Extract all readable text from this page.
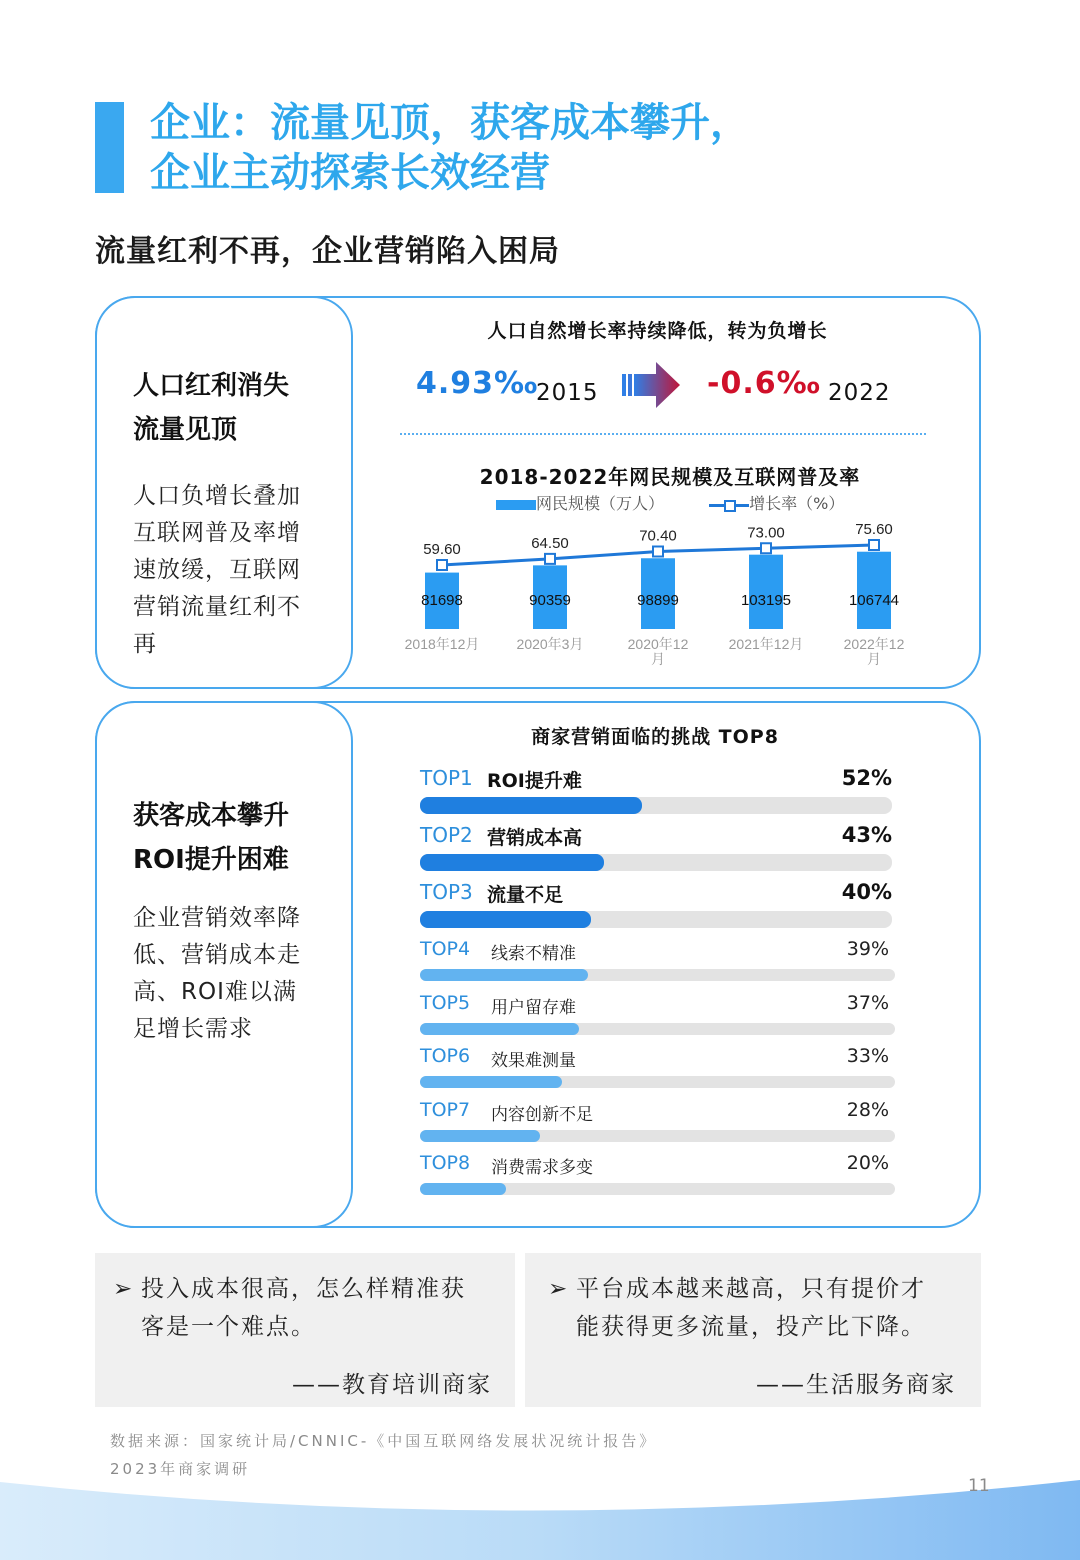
企业：流量见顶，获客成本攀升，
企业主动探索长效经营
流量红利不再，企业营销陷入困局

人口红利消失
流量见顶

人口负增长叠加
互联网普及率增
速放缓，互联网
营销流量红利不
再

人口自然增长率持续降低，转为负增长
4.93‰
2015	-0.6‰ 2022
2018-2022年网民规模及互联网普及率
网民规模（万人）	增长率（%）
81698
2018年12月
90359
2020年3月
98899
2020年12
月
103195
2021年12月
106744
2022年12
月
59.60	64.50	70.40	73.00	75.60

获客成本攀升
ROI提升困难

企业营销效率降
低、营销成本走
高、ROI难以满
足增长需求

商家营销面临的挑战 TOP8
TOP1 ROI提升难	52%
TOP2 营销成本高	43%
TOP3 流量不足	40%
TOP4 线索不精准	39%
TOP5 用户留存难	37%
TOP6 效果难测量	33%
TOP7 内容创新不足	28%
TOP8 消费需求多变	20%

➢ 投入成本很高，怎么样精准获
客是一个难点。

——教育培训商家

➢ 平台成本越来越高，只有提价才
能获得更多流量，投产比下降。

——生活服务商家
数据来源：国家统计局/CNNIC-《中国互联网络发展状况统计报告》
2023年商家调研
11
